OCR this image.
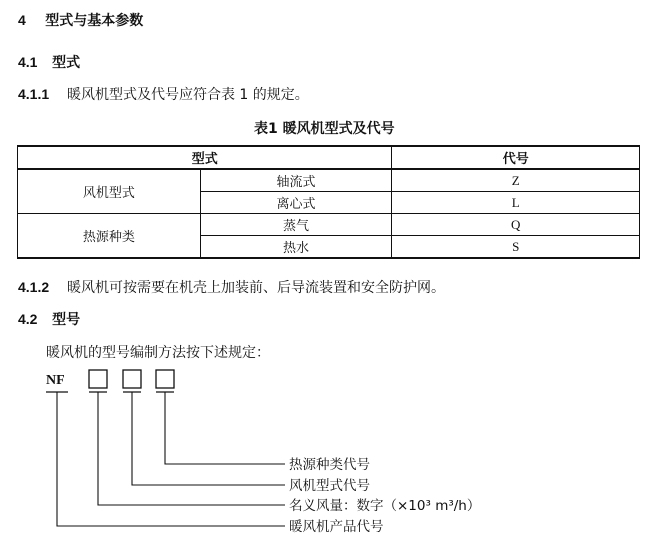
4 型式与基本参数
4.1 型式
4.1.1 暖风机型式及代号应符合表 1 的规定。
表1 暖风机型式及代号
型式		代号
风机型式	轴流式	Z
	离心式	L
热源种类	蒸气	Q
	热水	S
4.1.2 暖风机可按需要在机壳上加装前、后导流装置和安全防护网。
4.2 型号
暖风机的型号编制方法按下述规定：
NF
热源种类代号
风机型式代号
名义风量：数字（×10³ m³/h）
暖风机产品代号
